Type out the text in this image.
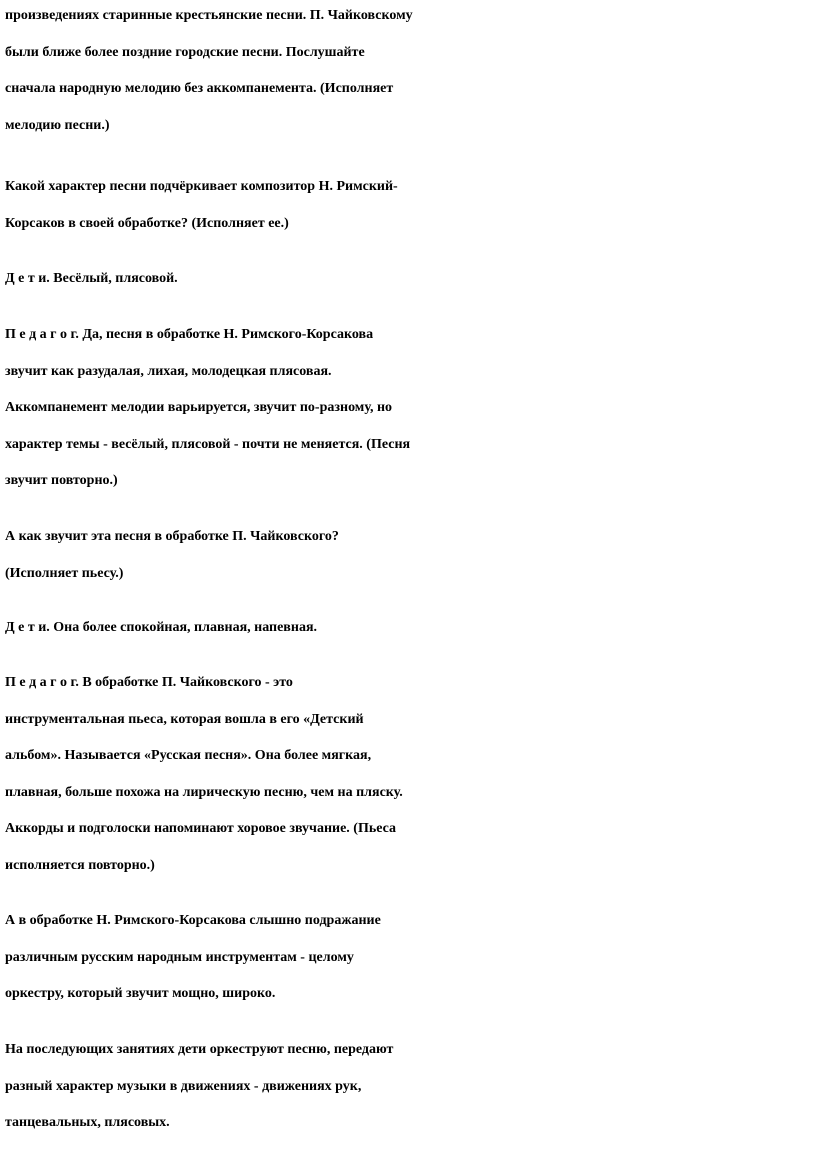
произведениях старинные крестьянские песни. П. Чайковскому
были ближе более поздние городские песни. Послушайте
сначала народную мелодию без аккомпанемента. (Исполняет
мелодию песни.)

Какой характер песни подчёркивает композитор Н. Римский-
Корсаков в своей обработке? (Исполняет ее.)

Д е т и. Весёлый, плясовой.

П е д а г о г. Да, песня в обработке Н. Римского-Корсакова
звучит как разудалая, лихая, молодецкая плясовая.
Аккомпанемент мелодии варьируется, звучит по-разному, но
характер темы - весёлый, плясовой - почти не меняется. (Песня
звучит повторно.)

А как звучит эта песня в обработке П. Чайковского?
(Исполняет пьесу.)

Д е т и. Она более спокойная, плавная, напевная.

П е д а г о г. В обработке П. Чайковского - это
инструментальная пьеса, которая вошла в его «Детский
альбом». Называется «Русская песня». Она более мягкая,
плавная, больше похожа на лирическую песню, чем на пляску.
Аккорды и подголоски напоминают хоровое звучание. (Пьеса
исполняется повторно.)

А в обработке Н. Римского-Корсакова слышно подражание
различным русским народным инструментам - целому
оркестру, который звучит мощно, широко.

На последующих занятиях дети оркеструют песню, передают
разный характер музыки в движениях - движениях рук,
танцевальных, плясовых.
